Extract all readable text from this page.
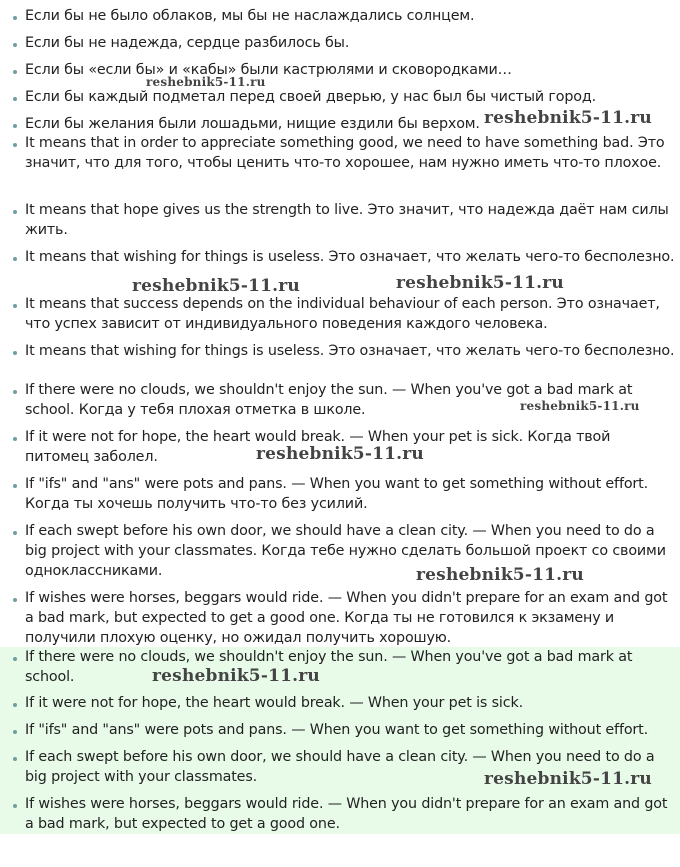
Если бы не было облаков, мы бы не наслаждались солнцем.
Если бы не надежда, сердце разбилось бы.
Если бы «если бы» и «кабы» были кастрюлями и сковородками…
Если бы каждый подметал перед своей дверью, у нас был бы чистый город.
Если бы желания были лошадьми, нищие ездили бы верхом.
It means that in order to appreciate something good, we need to have something bad. Это значит, что для того, чтобы ценить что-то хорошее, нам нужно иметь что-то плохое.
It means that hope gives us the strength to live. Это значит, что надежда даёт нам силы жить.
It means that wishing for things is useless. Это означает, что желать чего-то бесполезно.
It means that success depends on the individual behaviour of each person. Это означает, что успех зависит от индивидуального поведения каждого человека.
It means that wishing for things is useless. Это означает, что желать чего-то бесполезно.
If there were no clouds, we shouldn't enjoy the sun. — When you've got a bad mark at school. Когда у тебя плохая отметка в школе.
If it were not for hope, the heart would break. — When your pet is sick. Когда твой питомец заболел.
If "ifs" and "ans" were pots and pans. — When you want to get something without effort. Когда ты хочешь получить что-то без усилий.
If each swept before his own door, we should have a clean city. — When you need to do a big project with your classmates. Когда тебе нужно сделать большой проект со своими одноклассниками.
If wishes were horses, beggars would ride. — When you didn't prepare for an exam and got a bad mark, but expected to get a good one. Когда ты не готовился к экзамену и получили плохую оценку, но ожидал получить хорошую.
If there were no clouds, we shouldn't enjoy the sun. — When you've got a bad mark at school.
If it were not for hope, the heart would break. — When your pet is sick.
If "ifs" and "ans" were pots and pans. — When you want to get something without effort.
If each swept before his own door, we should have a clean city. — When you need to do a big project with your classmates.
If wishes were horses, beggars would ride. — When you didn't prepare for an exam and got a bad mark, but expected to get a good one.
reshebnik5-11.ru
reshebnik5-11.ru
reshebnik5-11.ru	reshebnik5-11.ru
reshebnik5-11.ru
reshebnik5-11.ru
reshebnik5-11.ru
reshebnik5-11.ru
reshebnik5-11.ru
